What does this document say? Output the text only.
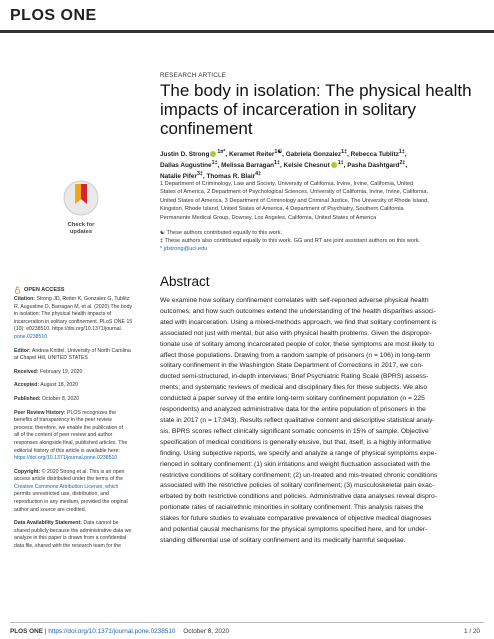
PLOS ONE
RESEARCH ARTICLE
The body in isolation: The physical health
impacts of incarceration in solitary
confinement
Justin D. Strong $^{1¤*}$, Keramet Reiter$^{1☯}$, Gabriela Gonzalez$^{1\ddagger}$, Rebecca Tublitz$^{1\ddagger}$,
Dallas Augustine$^{1\ddagger}$, Melissa Barragan$^{1\ddagger}$, Kelsie Chesnut $^{1\ddagger}$, Pasha Dashtgard$^{2\ddagger}$,
Natalie Pifer$^{3\ddagger}$, Thomas R. Blair$^{4\ddagger}$
1 Department of Criminology, Law and Society, University of California, Irvine, Irvine, California, United
States of America, 2 Department of Psychological Sciences, University of California, Irvine, Irvine, California,
United States of America, 3 Department of Criminology and Criminal Justice, The University of Rhode Island,
Kingston, Rhode Island, United States of America, 4 Department of Psychiatry, Southern California
Permanente Medical Group, Downey, Los Angeles, California, United States of America
☯ These authors contributed equally to this work.
‡ These authors also contributed equally to this work. GG and RT are joint assistant authors on this work.
* jdstrong@uci.edu
Check for
updates
OPEN ACCESS
Citation: Strong JD, Reiter K, Gonzalez G, Tublitz
R, Augustine D, Barragan M, et al. (2020) The body
in isolation: The physical health impacts of
incarceration in solitary confinement. PLoS ONE 15
(10): e0238510. https://doi.org/10.1371/journal.
pone.0238510
Editor: Andrea Knittel, University of North Carolina
at Chapel Hill, UNITED STATES
Received: February 19, 2020
Accepted: August 18, 2020
Published: October 8, 2020
Peer Review History: PLOS recognizes the
benefits of transparency in the peer review
process; therefore, we enable the publication of
all of the content of peer review and author
responses alongside final, published articles. The
editorial history of this article is available here:
https://doi.org/10.1371/journal.pone.0238510
Copyright: © 2020 Strong et al. This is an open
access article distributed under the terms of the
Creative Commons Attribution License, which
permits unrestricted use, distribution, and
reproduction in any medium, provided the original
author and source are credited.
Data Availability Statement: Data cannot be
shared publicly because the administrative data we
analyze in this paper is drawn from a confidential
data file, shared with the research team for the
Abstract
We examine how solitary confinement correlates with self-reported adverse physical health
outcomes, and how such outcomes extend the understanding of the health disparities associ-
ated with incarceration. Using a mixed-methods approach, we find that solitary confinement is
associated not just with mental, but also with physical health problems. Given the dispropor-
tionate use of solitary among incarcerated people of color, these symptoms are most likely to
affect those populations. Drawing from a random sample of prisoners (n = 106) in long-term
solitary confinement in the Washington State Department of Corrections in 2017, we con-
ducted semi-structured, in-depth interviews; Brief Psychiatric Rating Scale (BPRS) assess-
ments; and systematic reviews of medical and disciplinary files for these subjects. We also
conducted a paper survey of the entire long-term solitary confinement population (n = 225
respondents) and analyzed administrative data for the entire population of prisoners in the
state in 2017 (n = 17,943). Results reflect qualitative content and descriptive statistical analy-
sis. BPRS scores reflect clinically significant somatic concerns in 15% of sample. Objective
specification of medical conditions is generally elusive, but that, itself, is a highly informative
finding. Using subjective reports, we specify and analyze a range of physical symptoms expe-
rienced in solitary confinement: (1) skin irritations and weight fluctuation associated with the
restrictive conditions of solitary confinement; (2) un-treated and mis-treated chronic conditions
associated with the restrictive policies of solitary confinement; (3) musculoskeletal pain exac-
erbated by both restrictive conditions and policies. Administrative data analyses reveal dispro-
portionate rates of racial/ethnic minorities in solitary confinement. This analysis raises the
stakes for future studies to evaluate comparative prevalence of objective medical diagnoses
and potential causal mechanisms for the physical symptoms specified here, and for under-
standing differential use of solitary confinement and its medically harmful sequelae.
PLOS ONE | https://doi.org/10.1371/journal.pone.0238510 October 8, 2020	1 / 20
